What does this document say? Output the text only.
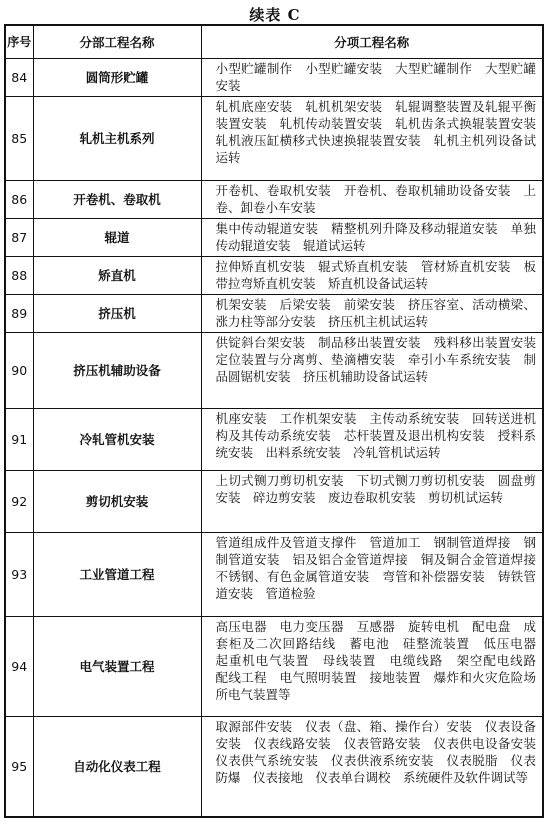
续表 C
序号	分部工程名称	分项工程名称
84	圆筒形贮罐	小型贮罐制作　小型贮罐安装　大型贮罐制作　大型贮罐安装
85	轧机主机系列	轧机底座安装　轧机机架安装　轧辊调整装置及轧辊平衡装置安装　轧机传动装置安装　轧机齿条式换辊装置安装　轧机液压缸横移式快速换辊装置安装　轧机主机列设备试运转
86	开卷机、卷取机	开卷机、卷取机安装　开卷机、卷取机辅助设备安装　上卷、卸卷小车安装
87	辊道	集中传动辊道安装　精整机列升降及移动辊道安装　单独传动辊道安装　辊道试运转
88	矫直机	拉伸矫直机安装　辊式矫直机安装　管材矫直机安装　板带拉弯矫直机安装　矫直机设备试运转
89	挤压机	机架安装　后梁安装　前梁安装　挤压容室、活动横梁、涨力柱等部分安装　挤压机主机试运转
90	挤压机辅助设备	供锭斜台架安装　制品移出装置安装　残料移出装置安装　定位装置与分离剪、垫滴槽安装　牵引小车系统安装　制品圆锯机安装　挤压机辅助设备试运转
91	冷轧管机安装	机座安装　工作机架安装　主传动系统安装　回转送进机构及其传动系统安装　芯杆装置及退出机构安装　授料系统安装　出料系统安装　冷轧管机试运转
92	剪切机安装	上切式铡刀剪切机安装　下切式铡刀剪切机安装　圆盘剪安装　碎边剪安装　废边卷取机安装　剪切机试运转
93	工业管道工程	管道组成件及管道支撑件　管道加工　钢制管道焊接　钢制管道安装　铝及铝合金管道焊接　铜及铜合金管道焊接　不锈钢、有色金属管道安装　弯管和补偿器安装　铸铁管道安装　管道检验
94	电气装置工程	高压电器　电力变压器　互感器　旋转电机　配电盘　成套柜及二次回路结线　蓄电池　硅整流装置　低压电器　起重机电气装置　母线装置　电缆线路　架空配电线路　配线工程　电气照明装置　接地装置　爆炸和火灾危险场所电气装置等
95	自动化仪表工程	取源部件安装　仪表（盘、箱、操作台）安装　仪表设备安装　仪表线路安装　仪表管路安装　仪表供电设备安装　仪表供气系统安装　仪表供液系统安装　仪表脱脂　仪表防爆　仪表接地　仪表单台调校　系统硬件及软件调试等
